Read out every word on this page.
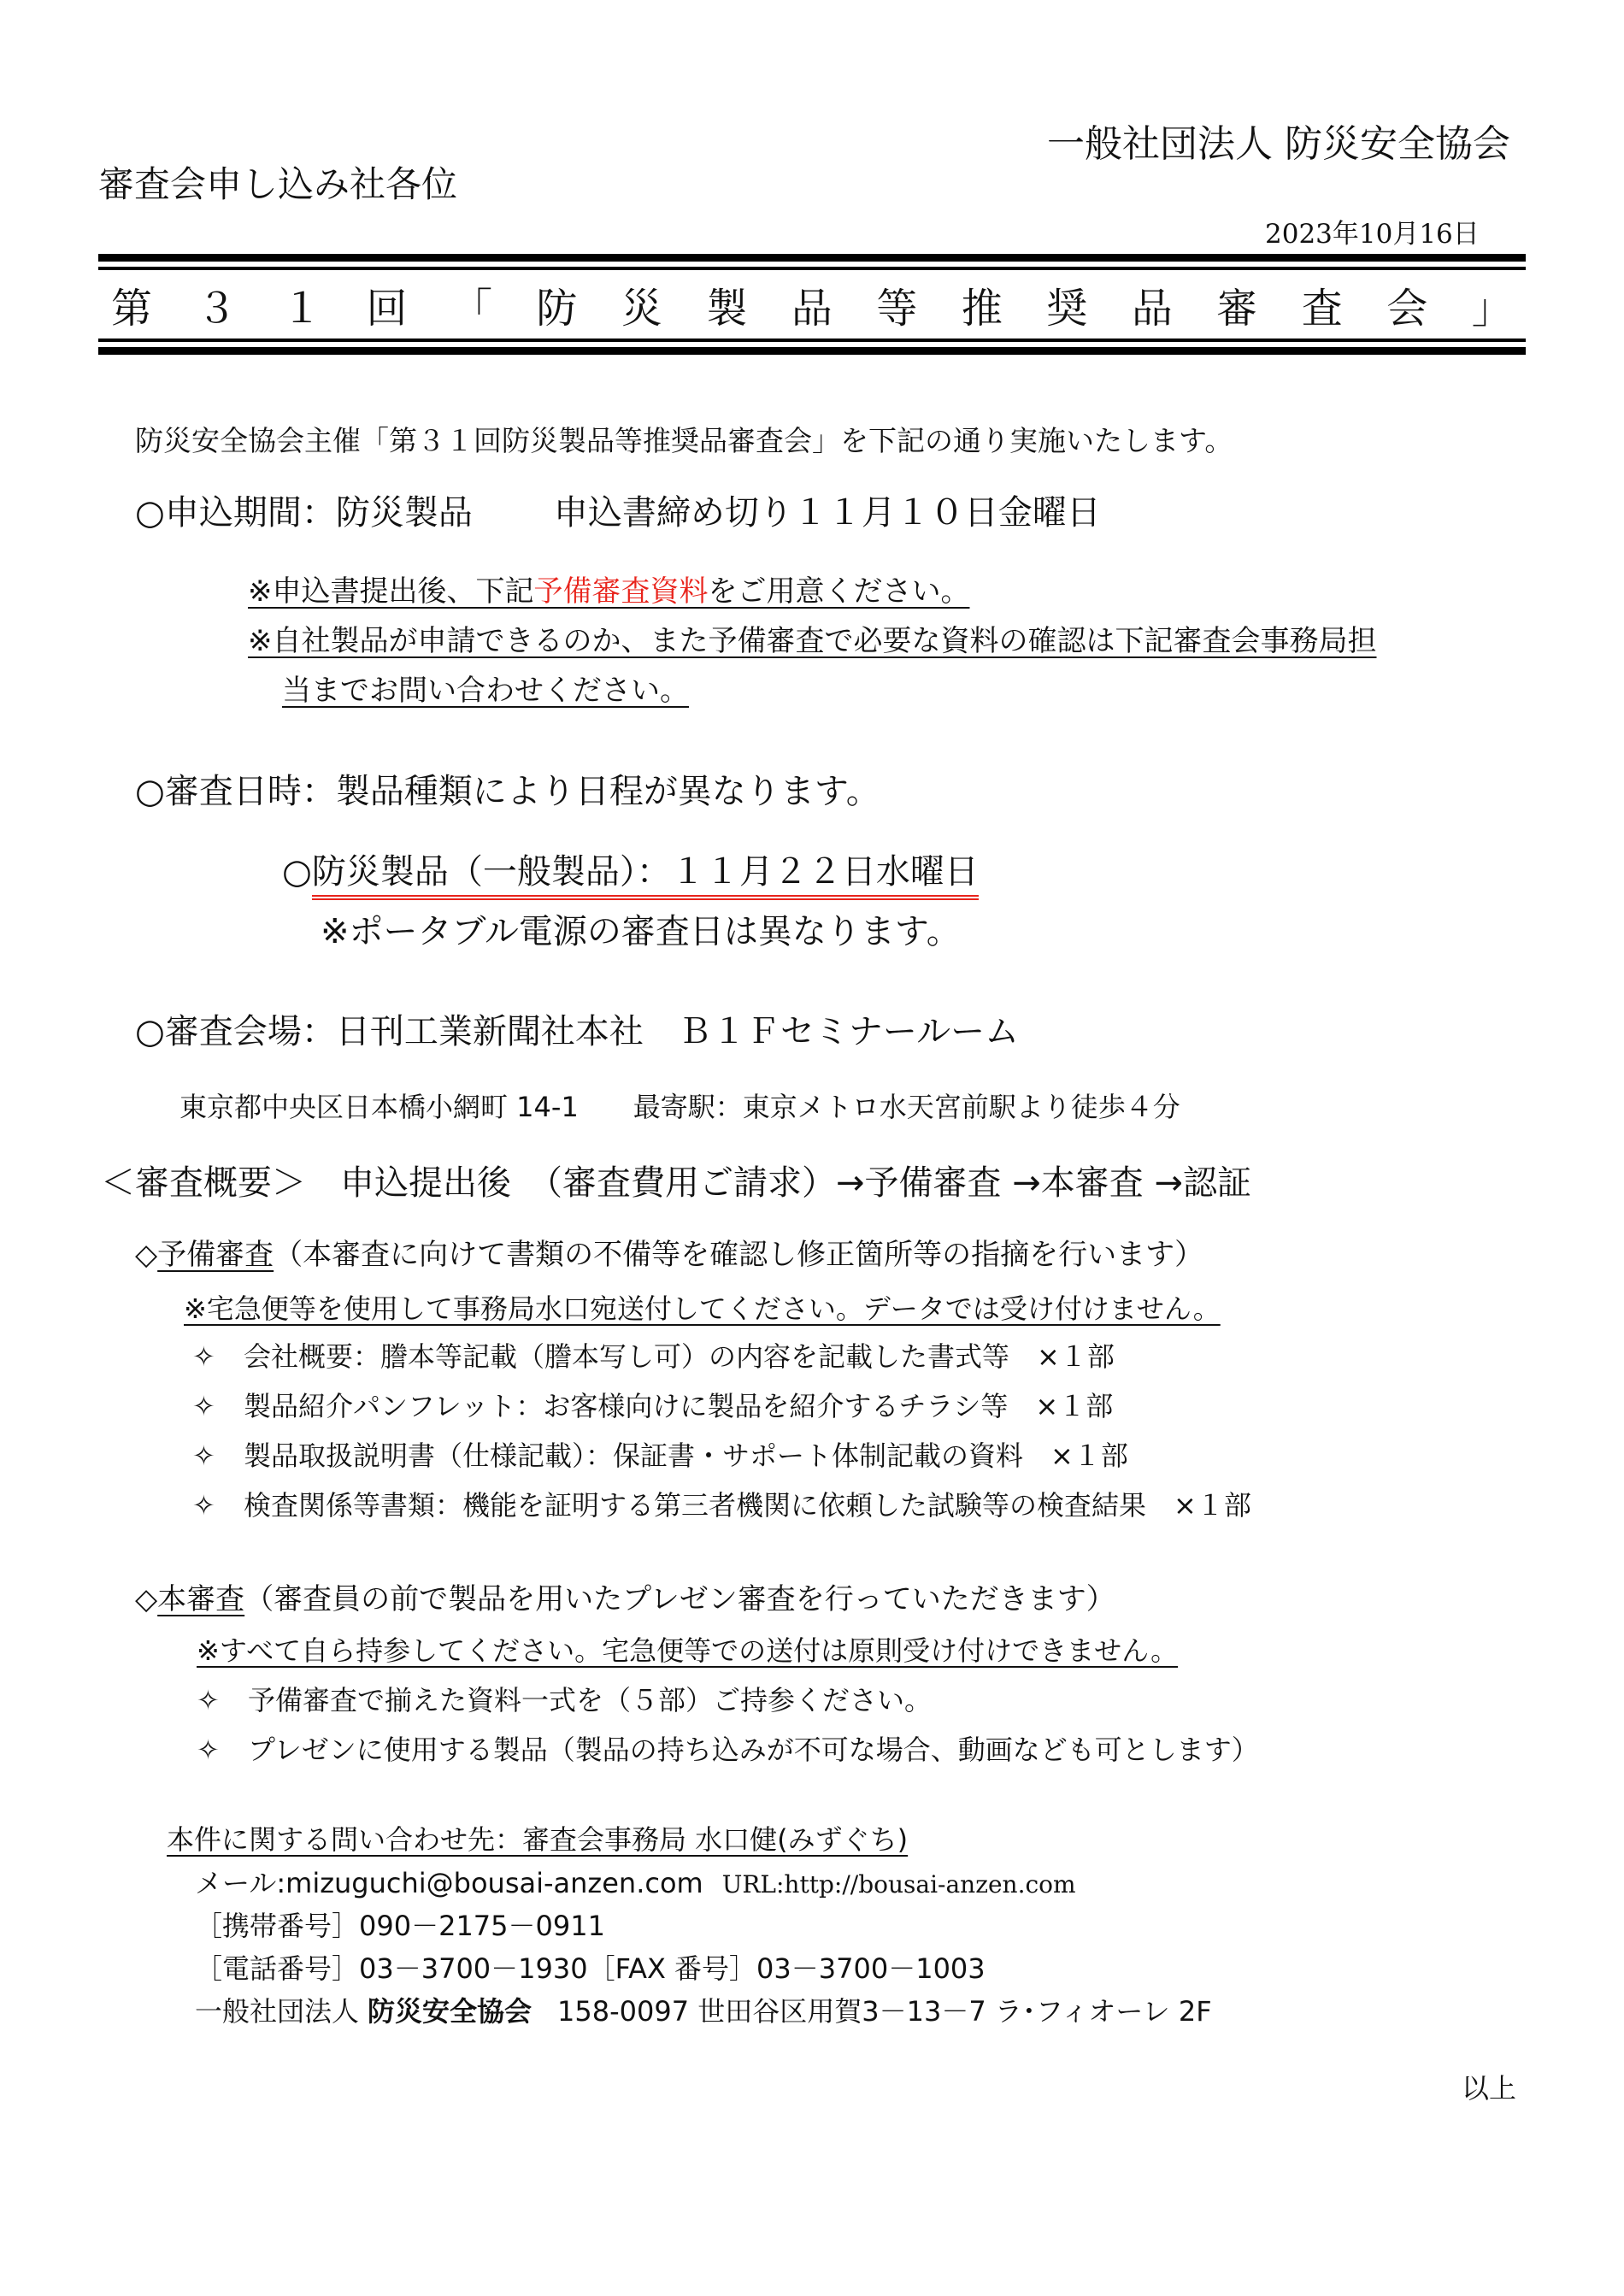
一般社団法人 防災安全協会
審査会申し込み社各位
2023年10月16日
第 ３ １ 回 「 防 災 製 品 等 推 奨 品 審 査 会 」
防災安全協会主催「第３１回防災製品等推奨品審査会」を下記の通り実施いたします。
○申込期間：防災製品 申込書締め切り１１月１０日金曜日
※申込書提出後、下記予備審査資料をご用意ください。
※自社製品が申請できるのか、また予備審査で必要な資料の確認は下記審査会事務局担
当までお問い合わせください。
○審査日時：製品種類により日程が異なります。
○防災製品（一般製品）：１１月２２日水曜日
※ポータブル電源の審査日は異なります。
○審査会場：日刊工業新聞社本社　Ｂ１Ｆセミナールーム
東京都中央区日本橋小網町 14-1　　最寄駅：東京メトロ水天宮前駅より徒歩４分
＜審査概要＞　申込提出後　（審査費用ご請求）→予備審査 →本審査 →認証
◇予備審査（本審査に向けて書類の不備等を確認し修正箇所等の指摘を行います）
※宅急便等を使用して事務局水口宛送付してください。データでは受け付けません。
✧ 会社概要：謄本等記載（謄本写し可）の内容を記載した書式等　×１部
✧ 製品紹介パンフレット：お客様向けに製品を紹介するチラシ等　×１部
✧ 製品取扱説明書（仕様記載）：保証書・サポート体制記載の資料　×１部
✧ 検査関係等書類：機能を証明する第三者機関に依頼した試験等の検査結果　×１部
◇本審査（審査員の前で製品を用いたプレゼン審査を行っていただきます）
※すべて自ら持参してください。宅急便等での送付は原則受け付けできません。
✧ 予備審査で揃えた資料一式を（５部）ご持参ください。
✧ プレゼンに使用する製品（製品の持ち込みが不可な場合、動画なども可とします）
本件に関する問い合わせ先：審査会事務局 水口健(みずぐち)
メール:mizuguchi@bousai-anzen.com URL:http://bousai-anzen.com
［携帯番号］090－2175－0911
［電話番号］03－3700－1930［FAX 番号］03－3700－1003
一般社団法人 防災安全協会 158-0097 世田谷区用賀3－13－7 ラ･フィオーレ 2F
以上
